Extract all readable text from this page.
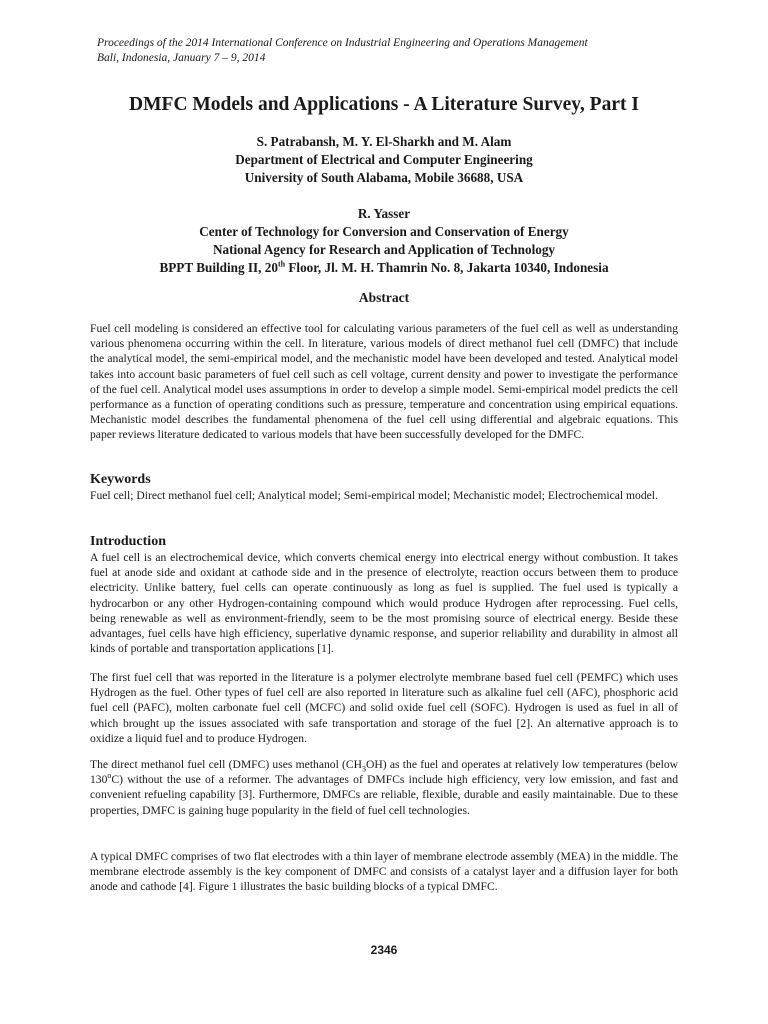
Proceedings of the 2014 International Conference on Industrial Engineering and Operations Management
Bali, Indonesia, January 7 – 9, 2014
DMFC Models and Applications - A Literature Survey, Part I
S. Patrabansh, M. Y. El-Sharkh and M. Alam
Department of Electrical and Computer Engineering
University of South Alabama, Mobile 36688, USA
R. Yasser
Center of Technology for Conversion and Conservation of Energy
National Agency for Research and Application of Technology
BPPT Building II, 20th Floor, Jl. M. H. Thamrin No. 8, Jakarta 10340, Indonesia
Abstract
Fuel cell modeling is considered an effective tool for calculating various parameters of the fuel cell as well as understanding various phenomena occurring within the cell. In literature, various models of direct methanol fuel cell (DMFC) that include the analytical model, the semi-empirical model, and the mechanistic model have been developed and tested. Analytical model takes into account basic parameters of fuel cell such as cell voltage, current density and power to investigate the performance of the fuel cell. Analytical model uses assumptions in order to develop a simple model. Semi-empirical model predicts the cell performance as a function of operating conditions such as pressure, temperature and concentration using empirical equations. Mechanistic model describes the fundamental phenomena of the fuel cell using differential and algebraic equations. This paper reviews literature dedicated to various models that have been successfully developed for the DMFC.
Keywords
Fuel cell; Direct methanol fuel cell; Analytical model; Semi-empirical model; Mechanistic model; Electrochemical model.
Introduction
A fuel cell is an electrochemical device, which converts chemical energy into electrical energy without combustion. It takes fuel at anode side and oxidant at cathode side and in the presence of electrolyte, reaction occurs between them to produce electricity. Unlike battery, fuel cells can operate continuously as long as fuel is supplied. The fuel used is typically a hydrocarbon or any other Hydrogen-containing compound which would produce Hydrogen after reprocessing. Fuel cells, being renewable as well as environment-friendly, seem to be the most promising source of electrical energy. Beside these advantages, fuel cells have high efficiency, superlative dynamic response, and superior reliability and durability in almost all kinds of portable and transportation applications [1].
The first fuel cell that was reported in the literature is a polymer electrolyte membrane based fuel cell (PEMFC) which uses Hydrogen as the fuel. Other types of fuel cell are also reported in literature such as alkaline fuel cell (AFC), phosphoric acid fuel cell (PAFC), molten carbonate fuel cell (MCFC) and solid oxide fuel cell (SOFC). Hydrogen is used as fuel in all of which brought up the issues associated with safe transportation and storage of the fuel [2]. An alternative approach is to oxidize a liquid fuel and to produce Hydrogen.
The direct methanol fuel cell (DMFC) uses methanol $(CH_3OH)$ as the fuel and operates at relatively low temperatures (below 130$^o$C) without the use of a reformer. The advantages of DMFCs include high efficiency, very low emission, and fast and convenient refueling capability [3]. Furthermore, DMFCs are reliable, flexible, durable and easily maintainable. Due to these properties, DMFC is gaining huge popularity in the field of fuel cell technologies.
A typical DMFC comprises of two flat electrodes with a thin layer of membrane electrode assembly (MEA) in the middle. The membrane electrode assembly is the key component of DMFC and consists of a catalyst layer and a diffusion layer for both anode and cathode [4]. Figure 1 illustrates the basic building blocks of a typical DMFC.
2346
